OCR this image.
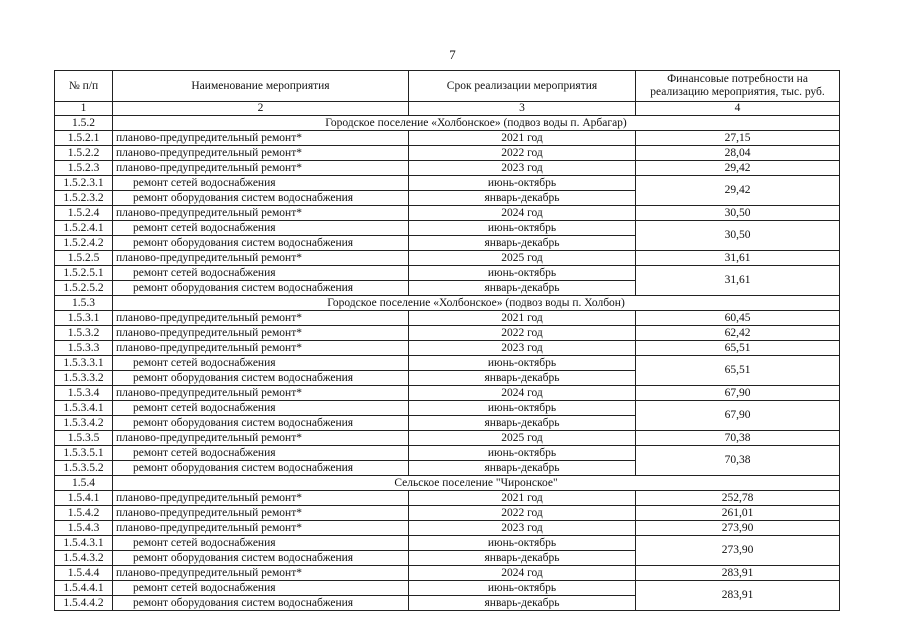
7
№ п/п	Наименование мероприятия	Срок реализации мероприятия	Финансовые потребности на реализацию мероприятия, тыс. руб.
1	2	3	4
1.5.2	Городское поселение «Холбонское» (подвоз воды п. Арбагар)		
1.5.2.1	планово-предупредительный ремонт*	2021 год	27,15
1.5.2.2	планово-предупредительный ремонт*	2022 год	28,04
1.5.2.3	планово-предупредительный ремонт*	2023 год	29,42
1.5.2.3.1	ремонт сетей водоснабжения	июнь-октябрь	29,42
1.5.2.3.2	ремонт оборудования систем водоснабжения	январь-декабрь	
1.5.2.4	планово-предупредительный ремонт*	2024 год	30,50
1.5.2.4.1	ремонт сетей водоснабжения	июнь-октябрь	30,50
1.5.2.4.2	ремонт оборудования систем водоснабжения	январь-декабрь	
1.5.2.5	планово-предупредительный ремонт*	2025 год	31,61
1.5.2.5.1	ремонт сетей водоснабжения	июнь-октябрь	31,61
1.5.2.5.2	ремонт оборудования систем водоснабжения	январь-декабрь	
1.5.3	Городское поселение «Холбонское» (подвоз воды п. Холбон)		
1.5.3.1	планово-предупредительный ремонт*	2021 год	60,45
1.5.3.2	планово-предупредительный ремонт*	2022 год	62,42
1.5.3.3	планово-предупредительный ремонт*	2023 год	65,51
1.5.3.3.1	ремонт сетей водоснабжения	июнь-октябрь	65,51
1.5.3.3.2	ремонт оборудования систем водоснабжения	январь-декабрь	
1.5.3.4	планово-предупредительный ремонт*	2024 год	67,90
1.5.3.4.1	ремонт сетей водоснабжения	июнь-октябрь	67,90
1.5.3.4.2	ремонт оборудования систем водоснабжения	январь-декабрь	
1.5.3.5	планово-предупредительный ремонт*	2025 год	70,38
1.5.3.5.1	ремонт сетей водоснабжения	июнь-октябрь	70,38
1.5.3.5.2	ремонт оборудования систем водоснабжения	январь-декабрь	
1.5.4	Сельское поселение "Чиронское"		
1.5.4.1	планово-предупредительный ремонт*	2021 год	252,78
1.5.4.2	планово-предупредительный ремонт*	2022 год	261,01
1.5.4.3	планово-предупредительный ремонт*	2023 год	273,90
1.5.4.3.1	ремонт сетей водоснабжения	июнь-октябрь	273,90
1.5.4.3.2	ремонт оборудования систем водоснабжения	январь-декабрь	
1.5.4.4	планово-предупредительный ремонт*	2024 год	283,91
1.5.4.4.1	ремонт сетей водоснабжения	июнь-октябрь	283,91
1.5.4.4.2	ремонт оборудования систем водоснабжения	январь-декабрь	
